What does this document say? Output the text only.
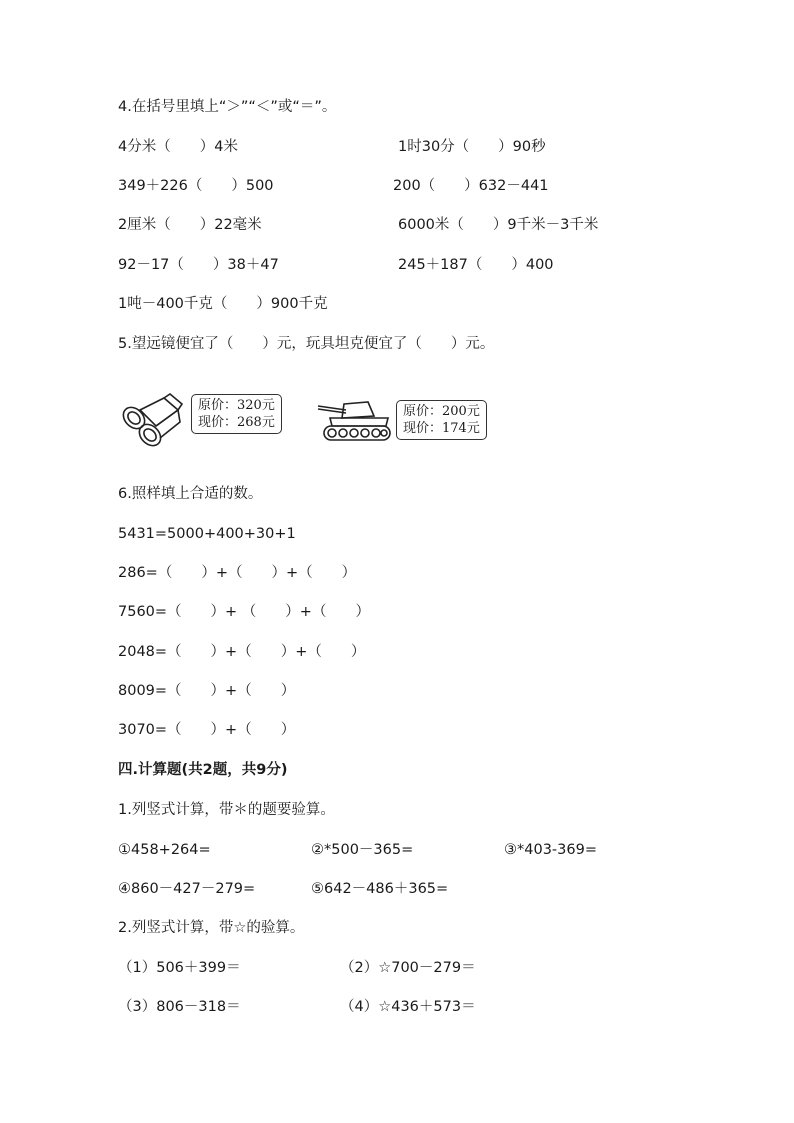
4.在括号里填上“＞”“＜”或“＝”。
4分米（　　）4米	1时30分（　　）90秒
349＋226（　　）500	200（　　）632－441
2厘米（　　）22毫米	6000米（　　）9千米－3千米
92－17（　　）38＋47	245＋187（　　）400
1吨－400千克（　　）900千克
5.望远镜便宜了（　　）元，玩具坦克便宜了（　　）元。
原价：320元
现价：268元
原价：200元
现价：174元
6.照样填上合适的数。
5431=5000+400+30+1
286=（　　）+（　　）+（　　）
7560=（　　）+ （　　）+（　　）
2048=（　　）+（　　）+（　　）
8009=（　　）+（　　）
3070=（　　）+（　　）
四.计算题(共2题，共9分)
1.列竖式计算，带＊的题要验算。
①458+264=	②*500－365=	③*403-369=
④860－427－279=	⑤642－486＋365=
2.列竖式计算，带☆的验算。
（1）506＋399＝	（2）☆700－279＝
（3）806－318＝	（4）☆436＋573＝
